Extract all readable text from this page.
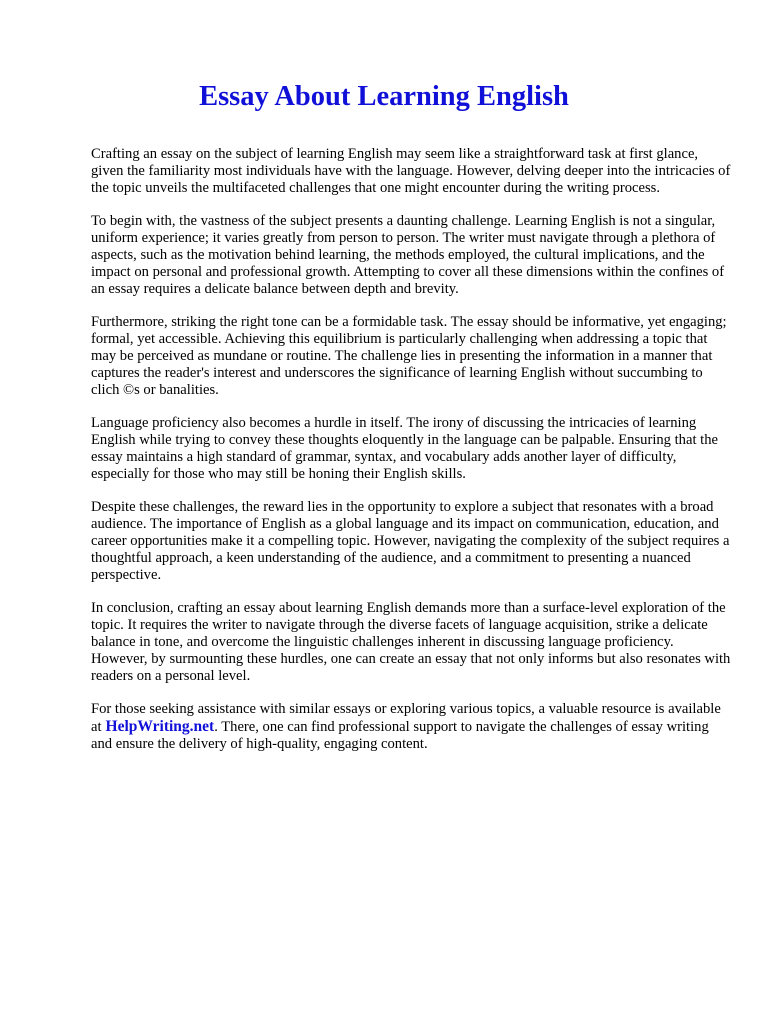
Essay About Learning English

Crafting an essay on the subject of learning English may seem like a straightforward task at first glance, given the familiarity most individuals have with the language. However, delving deeper into the intricacies of the topic unveils the multifaceted challenges that one might encounter during the writing process.

To begin with, the vastness of the subject presents a daunting challenge. Learning English is not a singular, uniform experience; it varies greatly from person to person. The writer must navigate through a plethora of aspects, such as the motivation behind learning, the methods employed, the cultural implications, and the impact on personal and professional growth. Attempting to cover all these dimensions within the confines of an essay requires a delicate balance between depth and brevity.

Furthermore, striking the right tone can be a formidable task. The essay should be informative, yet engaging; formal, yet accessible. Achieving this equilibrium is particularly challenging when addressing a topic that may be perceived as mundane or routine. The challenge lies in presenting the information in a manner that captures the reader's interest and underscores the significance of learning English without succumbing to clich ©s or banalities.

Language proficiency also becomes a hurdle in itself. The irony of discussing the intricacies of learning English while trying to convey these thoughts eloquently in the language can be palpable. Ensuring that the essay maintains a high standard of grammar, syntax, and vocabulary adds another layer of difficulty, especially for those who may still be honing their English skills.

Despite these challenges, the reward lies in the opportunity to explore a subject that resonates with a broad audience. The importance of English as a global language and its impact on communication, education, and career opportunities make it a compelling topic. However, navigating the complexity of the subject requires a thoughtful approach, a keen understanding of the audience, and a commitment to presenting a nuanced perspective.

In conclusion, crafting an essay about learning English demands more than a surface-level exploration of the topic. It requires the writer to navigate through the diverse facets of language acquisition, strike a delicate balance in tone, and overcome the linguistic challenges inherent in discussing language proficiency. However, by surmounting these hurdles, one can create an essay that not only informs but also resonates with readers on a personal level.

For those seeking assistance with similar essays or exploring various topics, a valuable resource is available at HelpWriting.net. There, one can find professional support to navigate the challenges of essay writing and ensure the delivery of high-quality, engaging content.
